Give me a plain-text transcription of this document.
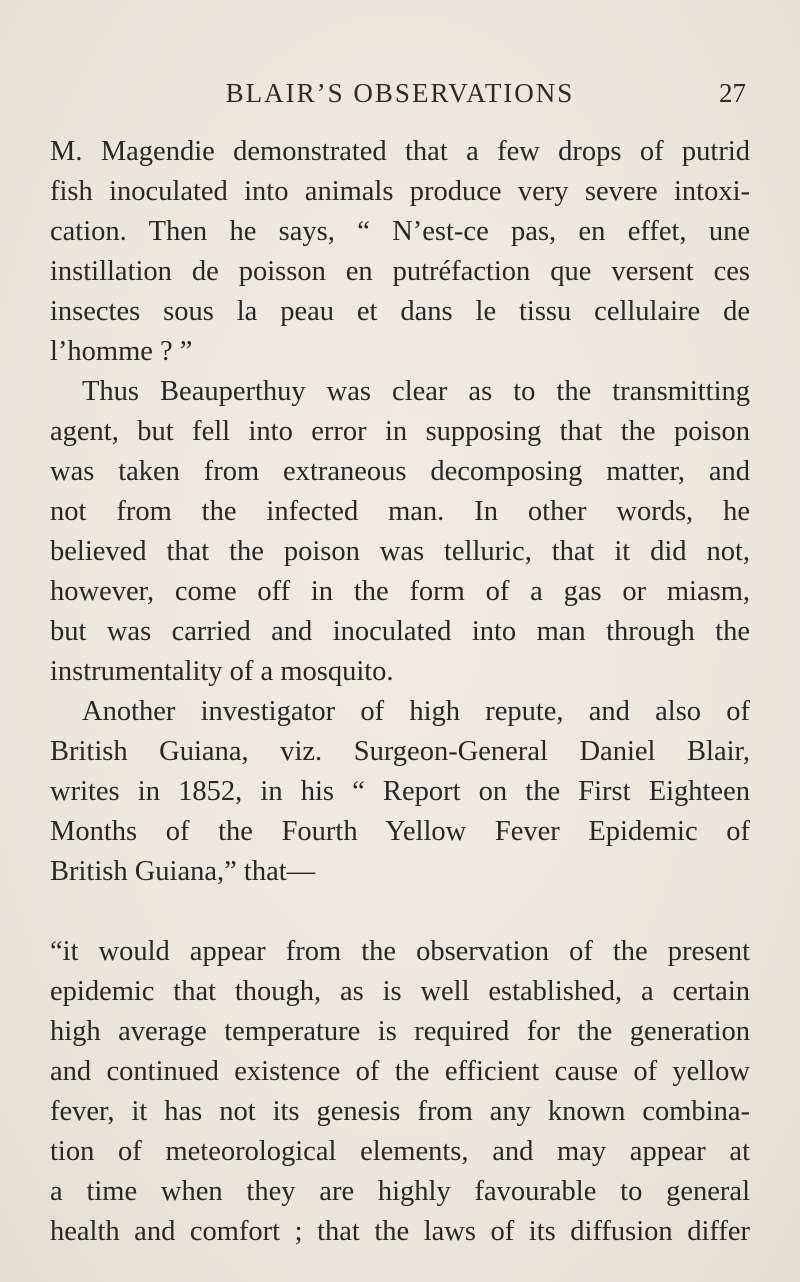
BLAIR’S OBSERVATIONS	27
M. Magendie demonstrated that a few drops of putrid
fish inoculated into animals produce very severe intoxi-
cation. Then he says, “ N’est-ce pas, en effet, une
instillation de poisson en putréfaction que versent ces
insectes sous la peau et dans le tissu cellulaire de
l’homme ? ”
Thus Beauperthuy was clear as to the transmitting
agent, but fell into error in supposing that the poison
was taken from extraneous decomposing matter, and
not from the infected man. In other words, he
believed that the poison was telluric, that it did not,
however, come off in the form of a gas or miasm,
but was carried and inoculated into man through the
instrumentality of a mosquito.
Another investigator of high repute, and also of
British Guiana, viz. Surgeon-General Daniel Blair,
writes in 1852, in his “ Report on the First Eighteen
Months of the Fourth Yellow Fever Epidemic of
British Guiana,” that—
“it would appear from the observation of the present
epidemic that though, as is well established, a certain
high average temperature is required for the generation
and continued existence of the efficient cause of yellow
fever, it has not its genesis from any known combina-
tion of meteorological elements, and may appear at
a time when they are highly favourable to general
health and comfort ; that the laws of its diffusion differ
